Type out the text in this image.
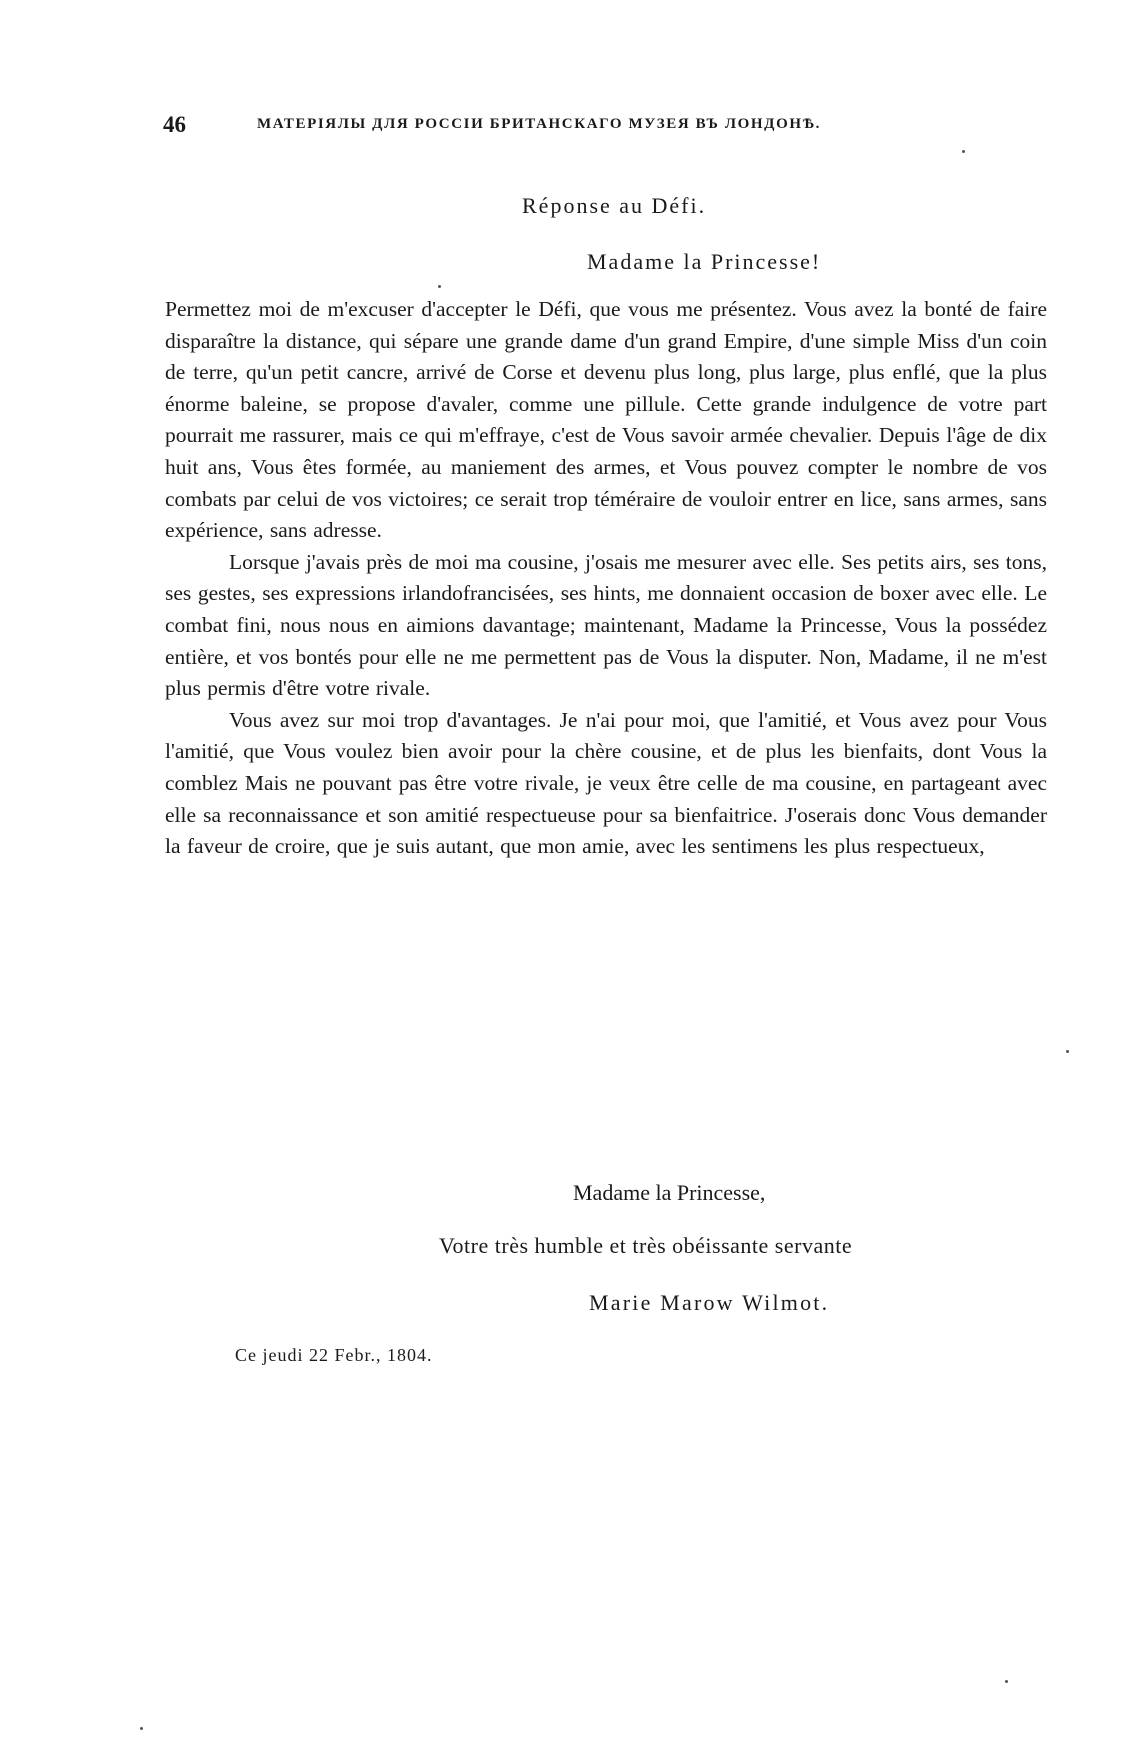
46	МАТЕРІЯЛЫ ДЛЯ РОССІИ БРИТАНСКАГО МУЗЕЯ ВЪ ЛОНДОНѢ.
Réponse au Défi.
Madame la Princesse!

Permettez moi de m'excuser d'accepter le Défi, que vous me présentez. Vous avez la bonté de faire disparaître la distance, qui sépare une grande dame d'un grand Empire, d'une simple Miss d'un coin de terre, qu'un petit cancre, arrivé de Corse et devenu plus long, plus large, plus enflé, que la plus énorme baleine, se propose d'avaler, comme une pillule. Cette grande indulgence de votre part pourrait me rassurer, mais ce qui m'effraye, c'est de Vous savoir armée chevalier. Depuis l'âge de dix huit ans, Vous êtes formée, au maniement des armes, et Vous pouvez compter le nombre de vos combats par celui de vos victoires; ce serait trop téméraire de vouloir entrer en lice, sans armes, sans expérience, sans adresse.

Lorsque j'avais près de moi ma cousine, j'osais me mesurer avec elle. Ses petits airs, ses tons, ses gestes, ses expressions irlandofrancisées, ses hints, me donnaient occasion de boxer avec elle. Le combat fini, nous nous en aimions davantage; maintenant, Madame la Princesse, Vous la possédez entière, et vos bontés pour elle ne me permettent pas de Vous la disputer. Non, Madame, il ne m'est plus permis d'être votre rivale.

Vous avez sur moi trop d'avantages. Je n'ai pour moi, que l'amitié, et Vous avez pour Vous l'amitié, que Vous voulez bien avoir pour la chère cousine, et de plus les bienfaits, dont Vous la comblez Mais ne pouvant pas être votre rivale, je veux être celle de ma cousine, en partageant avec elle sa reconnaissance et son amitié respectueuse pour sa bienfaitrice. J'oserais donc Vous demander la faveur de croire, que je suis autant, que mon amie, avec les sentimens les plus respectueux,

Madame la Princesse,
Votre très humble et très obéissante servante
Marie Marow Wilmot.
Ce jeudi 22 Febr., 1804.
